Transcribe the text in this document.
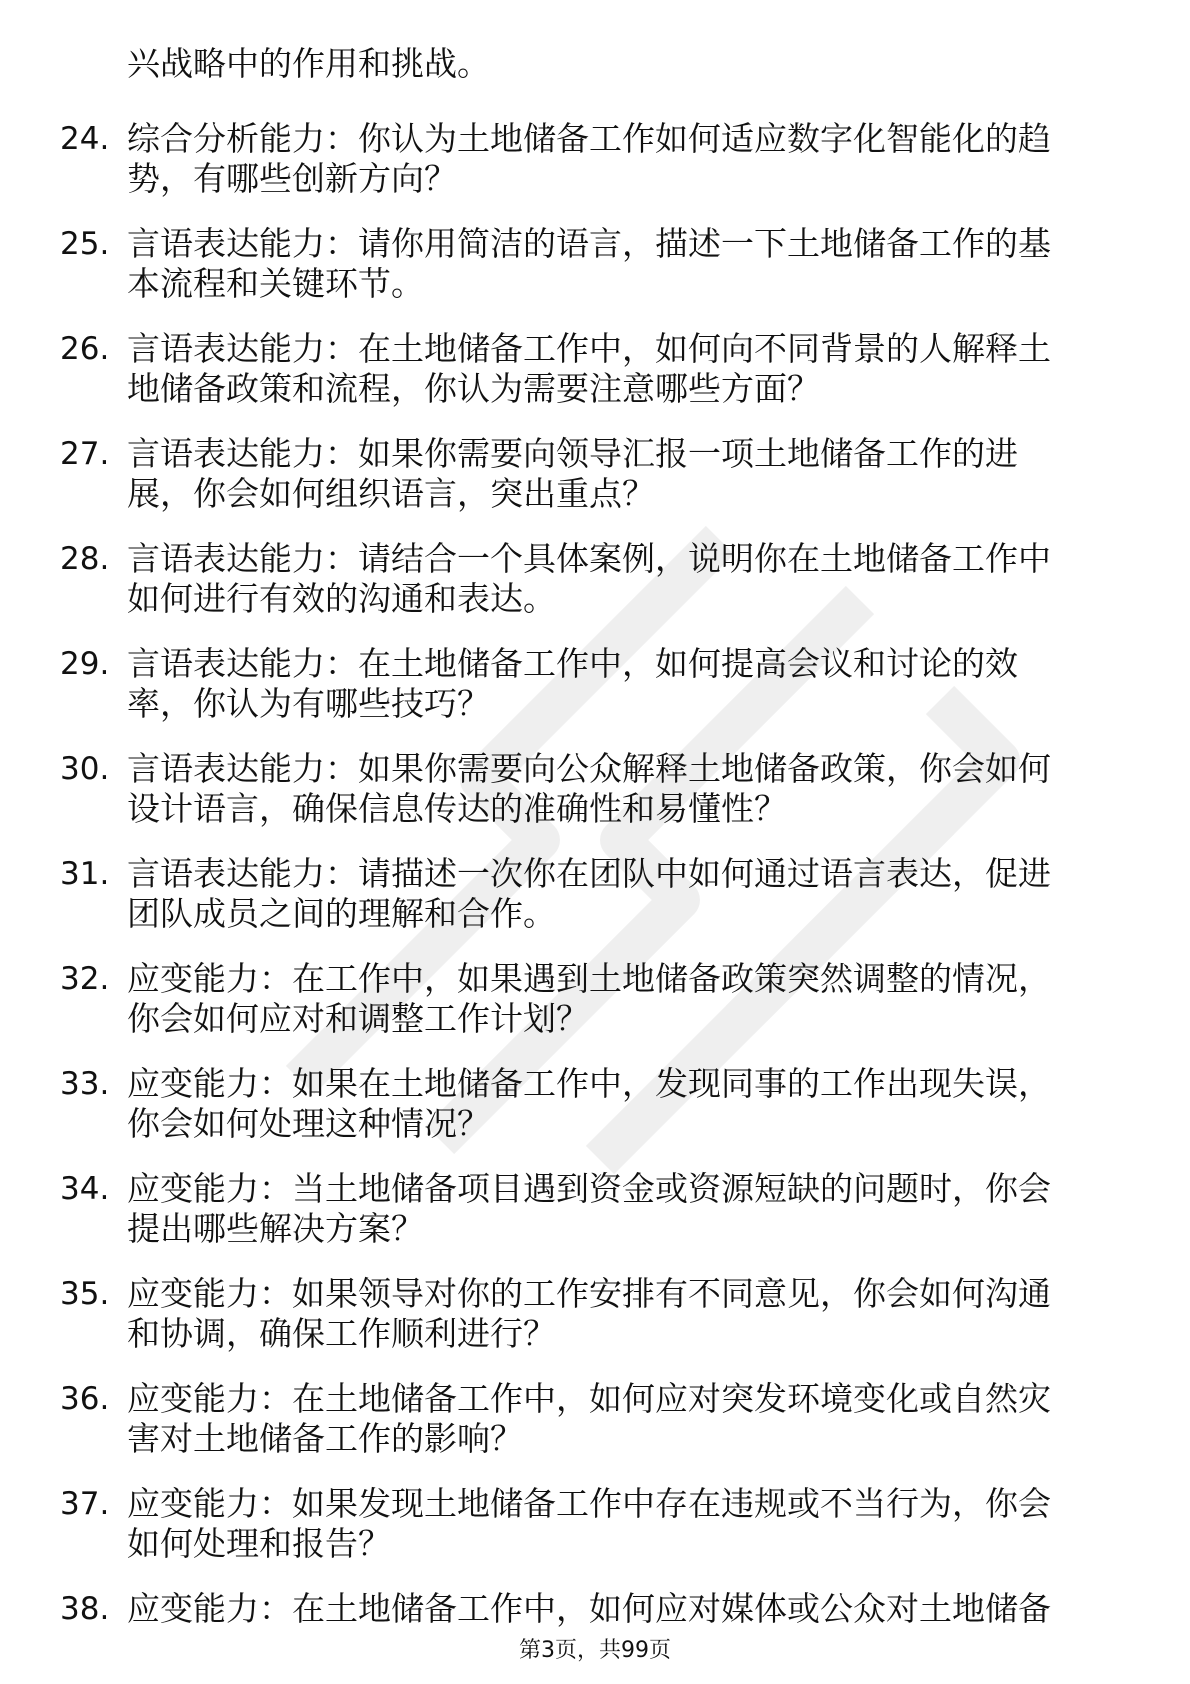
兴战略中的作用和挑战。
24. 综合分析能力：你认为土地储备工作如何适应数字化智能化的趋
势，有哪些创新方向？
25. 言语表达能力：请你用简洁的语言，描述一下土地储备工作的基
本流程和关键环节。
26. 言语表达能力：在土地储备工作中，如何向不同背景的人解释土
地储备政策和流程，你认为需要注意哪些方面？
27. 言语表达能力：如果你需要向领导汇报一项土地储备工作的进
展，你会如何组织语言，突出重点？
28. 言语表达能力：请结合一个具体案例，说明你在土地储备工作中
如何进行有效的沟通和表达。
29. 言语表达能力：在土地储备工作中，如何提高会议和讨论的效
率，你认为有哪些技巧？
30. 言语表达能力：如果你需要向公众解释土地储备政策，你会如何
设计语言，确保信息传达的准确性和易懂性？
31. 言语表达能力：请描述一次你在团队中如何通过语言表达，促进
团队成员之间的理解和合作。
32. 应变能力：在工作中，如果遇到土地储备政策突然调整的情况，
你会如何应对和调整工作计划？
33. 应变能力：如果在土地储备工作中，发现同事的工作出现失误，
你会如何处理这种情况？
34. 应变能力：当土地储备项目遇到资金或资源短缺的问题时，你会
提出哪些解决方案？
35. 应变能力：如果领导对你的工作安排有不同意见，你会如何沟通
和协调，确保工作顺利进行？
36. 应变能力：在土地储备工作中，如何应对突发环境变化或自然灾
害对土地储备工作的影响？
37. 应变能力：如果发现土地储备工作中存在违规或不当行为，你会
如何处理和报告？
38. 应变能力：在土地储备工作中，如何应对媒体或公众对土地储备
第3页，共99页
